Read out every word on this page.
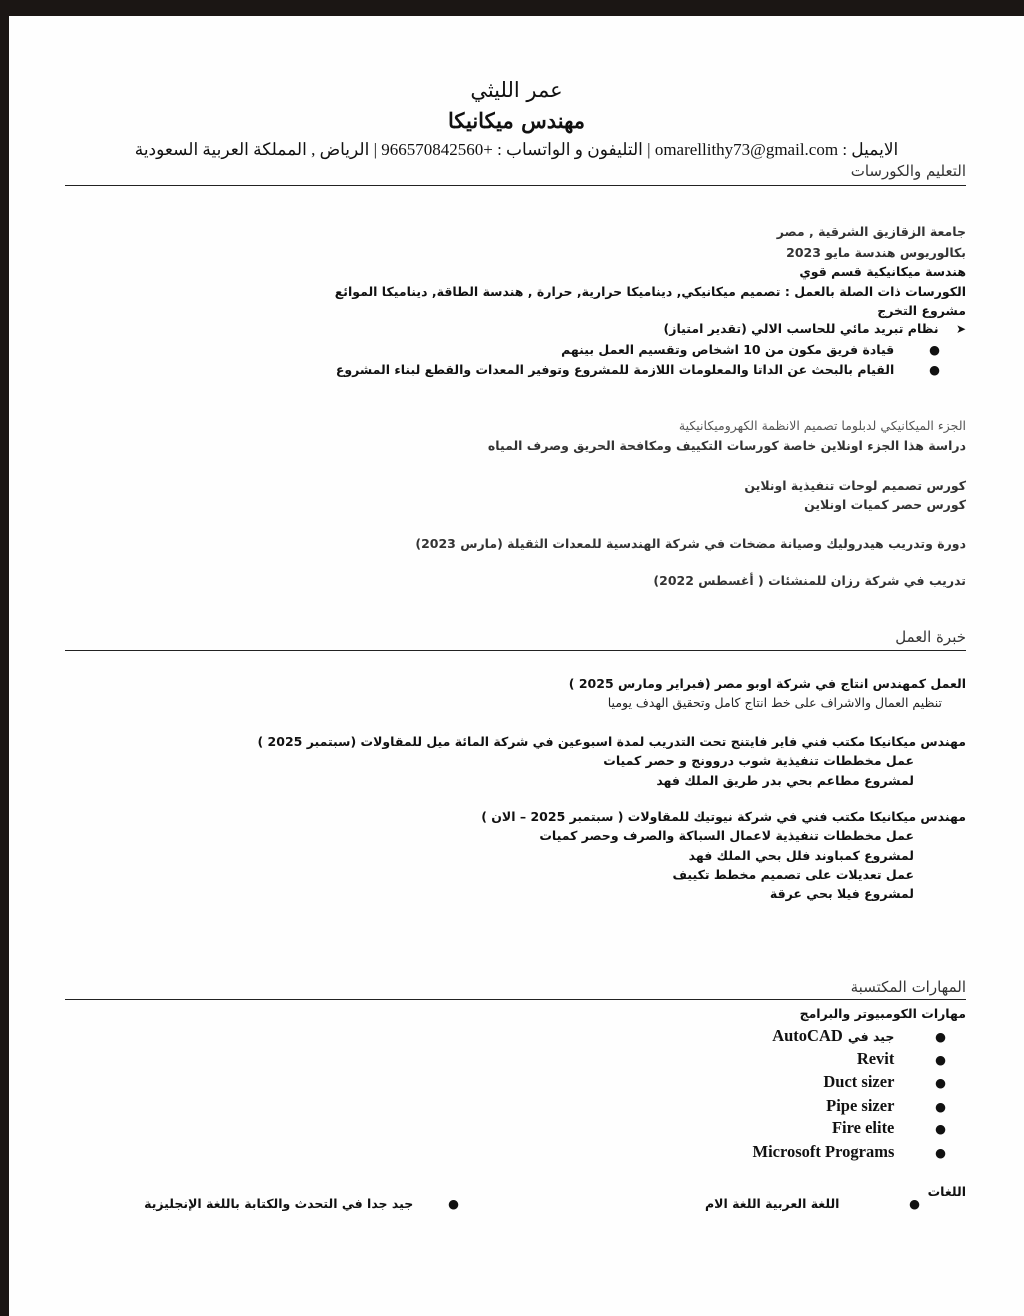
عمر الليثي
مهندس ميكانيكا
الايميل : omarellithy73@gmail.com | التليفون و الواتساب : +966570842560 | الرياض , المملكة العربية السعودية
التعليم والكورسات
جامعة الزقازيق الشرقية , مصر
بكالوريوس هندسة مايو 2023
هندسة ميكانيكية قسم قوي
الكورسات ذات الصلة بالعمل : تصميم ميكانيكي, ديناميكا حرارية, حرارة , هندسة الطاقة, ديناميكا الموائع
مشروع التخرج
➤    نظام تبريد مائي للحاسب الالي (تقدير امتياز)
●        قيادة فريق مكون من 10 اشخاص وتقسيم العمل بينهم
●        القيام بالبحث عن الداتا والمعلومات اللازمة للمشروع وتوفير المعدات والقطع لبناء المشروع
الجزء الميكانيكي لدبلوما تصميم الانظمة الكهروميكانيكية
دراسة هذا الجزء اونلاين خاصة كورسات التكييف ومكافحة الحريق وصرف المياه
كورس تصميم لوحات تنفيذية اونلاين
كورس حصر كميات اونلاين
دورة وتدريب هيدروليك وصيانة مضخات في شركة الهندسية للمعدات الثقيلة (مارس 2023)
تدريب في شركة رزان للمنشئات ( أغسطس 2022)
خبرة العمل
العمل كمهندس انتاج في شركة اوبو مصر (فبراير ومارس 2025 )
تنظيم العمال والاشراف على خط انتاج كامل وتحقيق الهدف يوميا
مهندس ميكانيكا مكتب فني فاير فايتنج تحت التدريب لمدة اسبوعين في شركة المائة ميل للمقاولات (سبتمبر 2025 )
عمل مخططات تنفيذية شوب دروونج و حصر كميات
لمشروع مطاعم بحي بدر طريق الملك فهد
مهندس ميكانيكا مكتب فني في شركة نيوتيك للمقاولات ( سبتمبر 2025 – الان )
عمل مخططات تنفيذية لاعمال السباكة والصرف وحصر كميات
لمشروع كمباوند فلل بحي الملك فهد
عمل تعديلات على تصميم مخطط تكييف
لمشروع فيلا بحي عرقة
المهارات المكتسبة
مهارات الكومبيوتر والبرامج
●        جيد في AutoCAD
●        Revit
●        Duct sizer
●        Pipe sizer
●        Fire elite
●        Microsoft Programs
اللغات
●                اللغة العربية اللغة الام
●        جيد جدا في التحدث والكتابة باللغة الإنجليزية
